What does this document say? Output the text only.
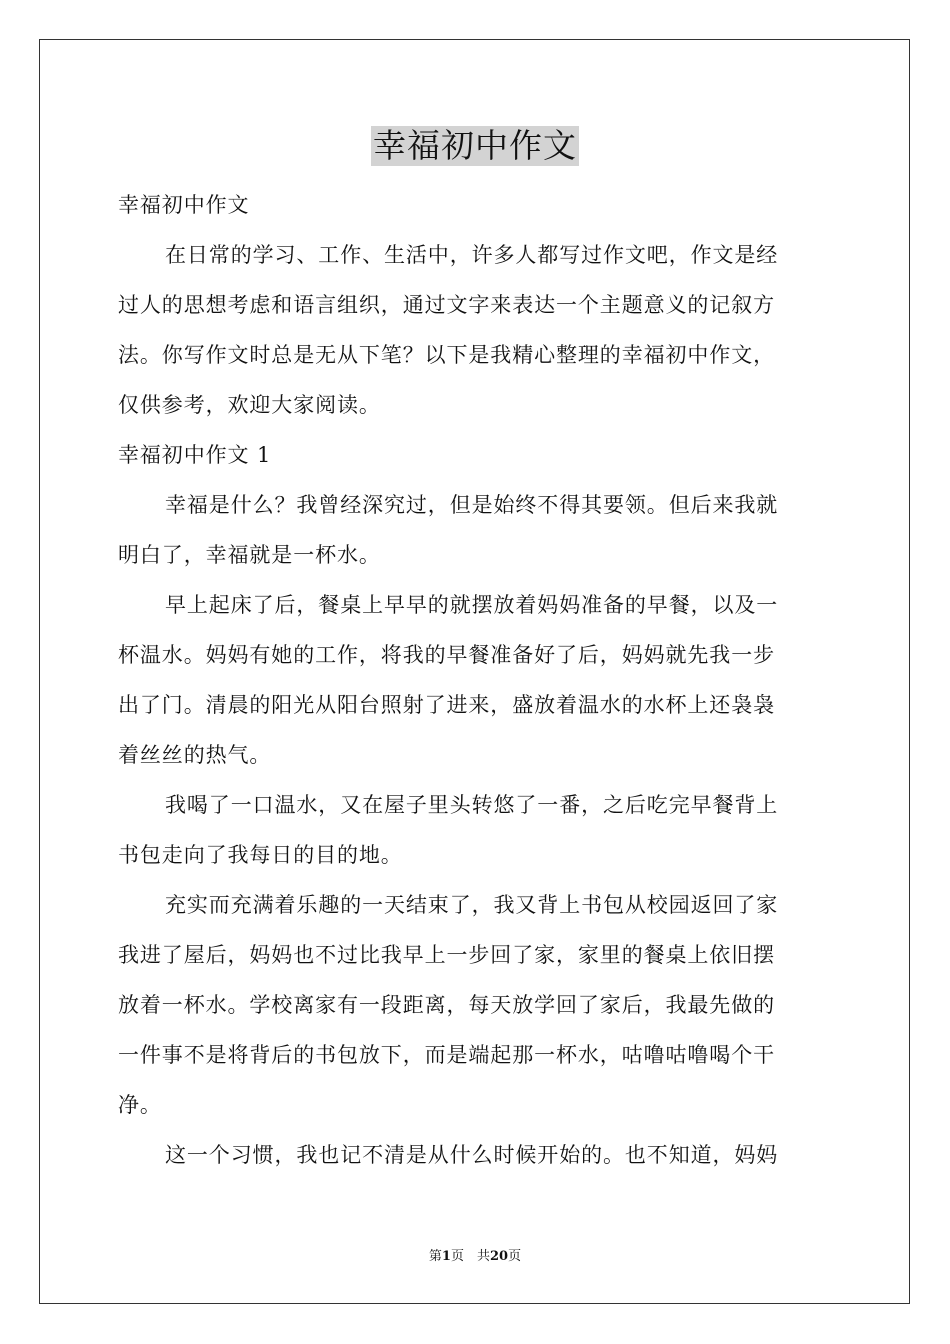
幸福初中作文
幸福初中作文
在日常的学习、工作、生活中，许多人都写过作文吧，作文是经
过人的思想考虑和语言组织，通过文字来表达一个主题意义的记叙方
法。你写作文时总是无从下笔？以下是我精心整理的幸福初中作文，
仅供参考，欢迎大家阅读。
幸福初中作文 1
幸福是什么？我曾经深究过，但是始终不得其要领。但后来我就
明白了，幸福就是一杯水。
早上起床了后，餐桌上早早的就摆放着妈妈准备的早餐，以及一
杯温水。妈妈有她的工作，将我的早餐准备好了后，妈妈就先我一步
出了门。清晨的阳光从阳台照射了进来，盛放着温水的水杯上还袅袅
着丝丝的热气。
我喝了一口温水，又在屋子里头转悠了一番，之后吃完早餐背上
书包走向了我每日的目的地。
充实而充满着乐趣的一天结束了，我又背上书包从校园返回了家
我进了屋后，妈妈也不过比我早上一步回了家，家里的餐桌上依旧摆
放着一杯水。学校离家有一段距离，每天放学回了家后，我最先做的
一件事不是将背后的书包放下，而是端起那一杯水，咕噜咕噜喝个干
净。
这一个习惯，我也记不清是从什么时候开始的。也不知道，妈妈
第1页　共20页
